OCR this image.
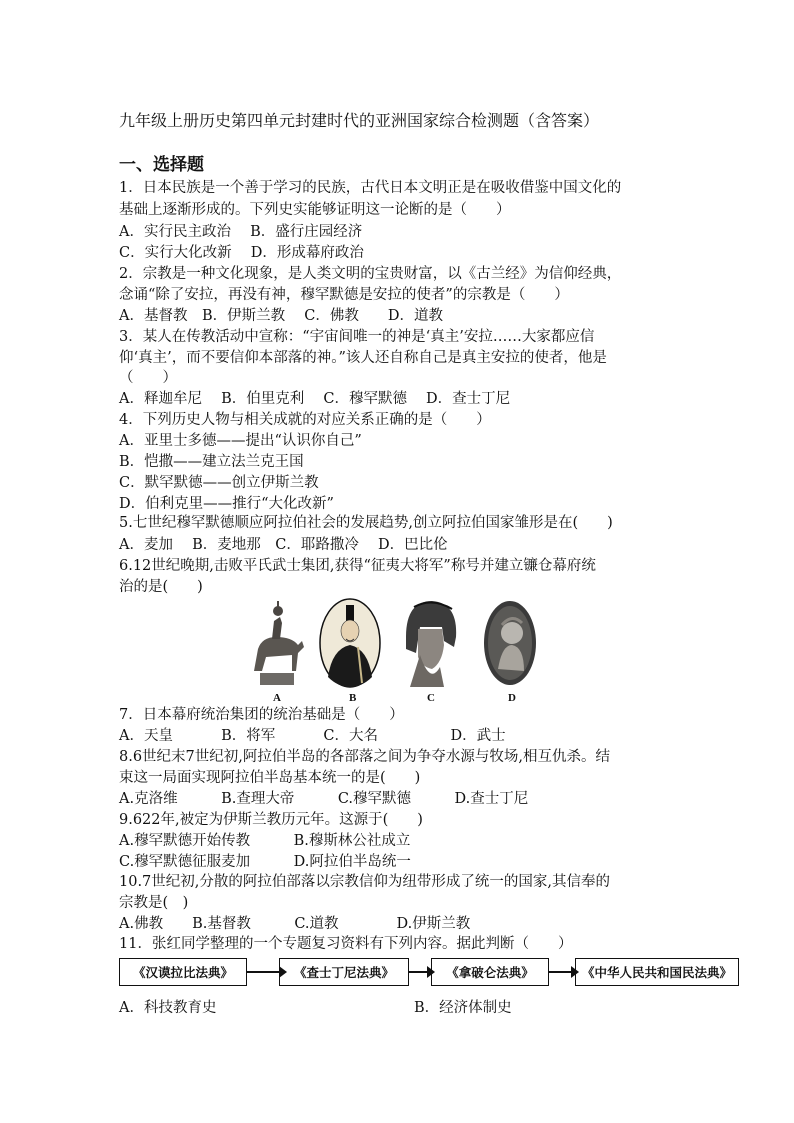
九年级上册历史第四单元封建时代的亚洲国家综合检测题（含答案）
一、选择题
1．日本民族是一个善于学习的民族，古代日本文明正是在吸收借鉴中国文化的
基础上逐渐形成的。下列史实能够证明这一论断的是（　　）
A．实行民主政治　 B．盛行庄园经济
C．实行大化改新　 D．形成幕府政治
2．宗教是一种文化现象，是人类文明的宝贵财富，以《古兰经》为信仰经典，
念诵“除了安拉，再没有神，穆罕默德是安拉的使者”的宗教是（　　）
A．基督教　B．伊斯兰教　 C．佛教　　D．道教
3．某人在传教活动中宣称：“宇宙间唯一的神是‘真主’安拉……大家都应信
仰‘真主’，而不要信仰本部落的神。”该人还自称自己是真主安拉的使者，他是
（　　）
A．释迦牟尼　 B．伯里克利　 C．穆罕默德　 D．查士丁尼
4．下列历史人物与相关成就的对应关系正确的是（　　）
A．亚里士多德——提出“认识你自己”
B．恺撒——建立法兰克王国
C．默罕默德——创立伊斯兰教
D．伯利克里——推行“大化改新”
5.七世纪穆罕默德顺应阿拉伯社会的发展趋势,创立阿拉伯国家雏形是在(　　)
A．麦加　 B．麦地那　C．耶路撒冷　 D．巴比伦
6.12世纪晚期,击败平氏武士集团,获得“征夷大将军”称号并建立镰仓幕府统
治的是(　　)
A	B	C	D
7．日本幕府统治集团的统治基础是（　　）
A．天皇　　　 B．将军　　　 C．大名　　　　　D．武士
8.6世纪末7世纪初,阿拉伯半岛的各部落之间为争夺水源与牧场,相互仇杀。结
束这一局面实现阿拉伯半岛基本统一的是(　　)
A.克洛维　　　B.查理大帝　　　C.穆罕默德　　　D.查士丁尼
9.622年,被定为伊斯兰教历元年。这源于(　　)
A.穆罕默德开始传教　　　B.穆斯林公社成立
C.穆罕默德征服麦加　　　D.阿拉伯半岛统一
10.7世纪初,分散的阿拉伯部落以宗教信仰为纽带形成了统一的国家,其信奉的
宗教是(　)
A.佛教　　B.基督教　　　C.道教　　　　D.伊斯兰教
11．张红同学整理的一个专题复习资料有下列内容。据此判断（　　）
《汉谟拉比法典》	《查士丁尼法典》	《拿破仑法典》	《中华人民共和国民法典》
A．科技教育史	B．经济体制史
